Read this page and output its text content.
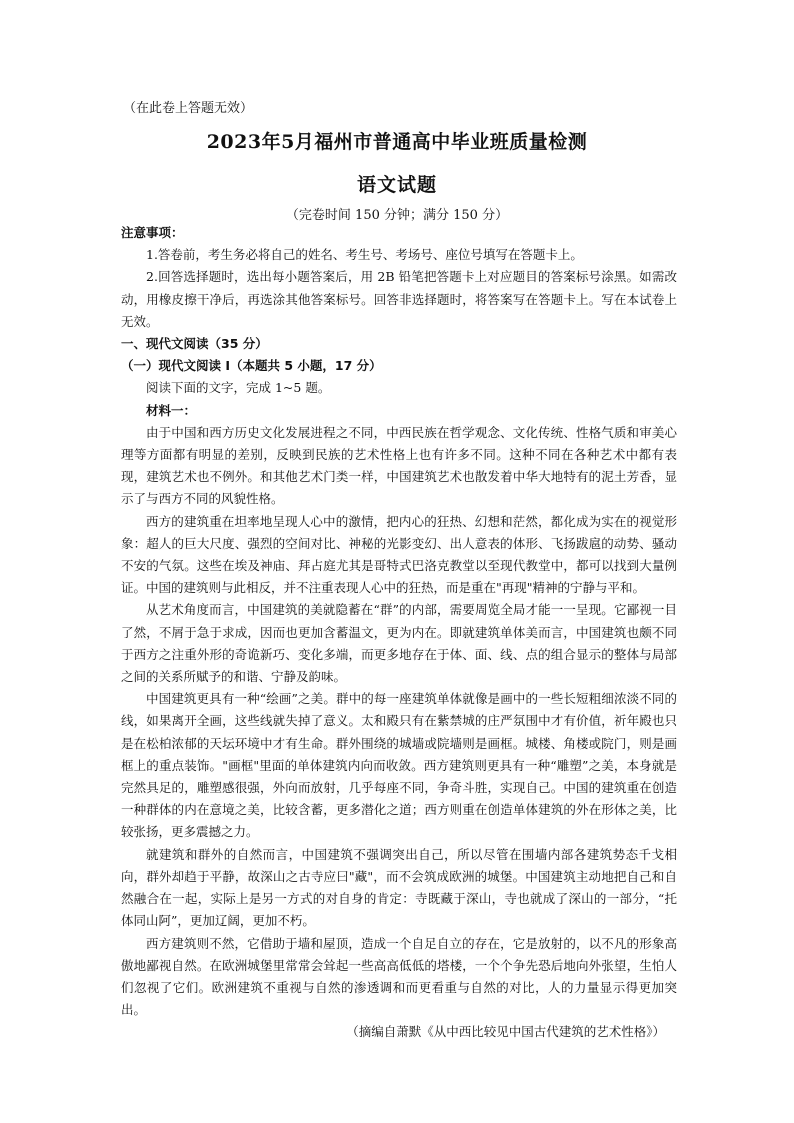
（在此卷上答题无效）
2023年5月福州市普通高中毕业班质量检测
语文试题
（完卷时间 150 分钟；满分 150 分）

注意事项：

1.答卷前，考生务必将自己的姓名、考生号、考场号、座位号填写在答题卡上。

2.回答选择题时，选出每小题答案后，用 2B 铅笔把答题卡上对应题目的答案标号涂黑。如需改动，用橡皮擦干净后，再选涂其他答案标号。回答非选择题时，将答案写在答题卡上。写在本试卷上无效。

一、现代文阅读（35 分）

（一）现代文阅读 I（本题共 5 小题，17 分）

阅读下面的文字，完成 1~5 题。

材料一：

由于中国和西方历史文化发展进程之不同，中西民族在哲学观念、文化传统、性格气质和审美心理等方面都有明显的差别，反映到民族的艺术性格上也有许多不同。这种不同在各种艺术中都有表现，建筑艺术也不例外。和其他艺术门类一样，中国建筑艺术也散发着中华大地特有的泥土芳香，显示了与西方不同的风貌性格。

西方的建筑重在坦率地呈现人心中的激情，把内心的狂热、幻想和茫然，都化成为实在的视觉形象：超人的巨大尺度、强烈的空间对比、神秘的光影变幻、出人意表的体形、飞扬跋扈的动势、骚动不安的气氛。这些在埃及神庙、拜占庭尤其是哥特式巴洛克教堂以至现代教堂中，都可以找到大量例证。中国的建筑则与此相反，并不注重表现人心中的狂热，而是重在"再现"精神的宁静与平和。

从艺术角度而言，中国建筑的美就隐蓄在“群”的内部，需要周览全局才能一一呈现。它鄙视一目了然，不屑于急于求成，因而也更加含蓄温文，更为内在。即就建筑单体美而言，中国建筑也颇不同于西方之注重外形的奇诡新巧、变化多端，而更多地存在于体、面、线、点的组合显示的整体与局部之间的关系所赋予的和谐、宁静及韵味。

中国建筑更具有一种“绘画”之美。群中的每一座建筑单体就像是画中的一些长短粗细浓淡不同的线，如果离开全画，这些线就失掉了意义。太和殿只有在紫禁城的庄严氛围中才有价值，祈年殿也只是在松柏浓郁的天坛环境中才有生命。群外围绕的城墙或院墙则是画框。城楼、角楼或院门，则是画框上的重点装饰。"画框"里面的单体建筑内向而收敛。西方建筑则更具有一种“雕塑”之美，本身就是完然具足的，雕塑感很强，外向而放射，几乎每座不同，争奇斗胜，实现自己。中国的建筑重在创造一种群体的内在意境之美，比较含蓄，更多潜化之道；西方则重在创造单体建筑的外在形体之美，比较张扬，更多震撼之力。

就建筑和群外的自然而言，中国建筑不强调突出自己，所以尽管在围墙内部各建筑势态千戈相向，群外却趋于平静，故深山之古寺应曰"藏"，而不会筑成欧洲的城堡。中国建筑主动地把自己和自然融合在一起，实际上是另一方式的对自身的肯定：寺既藏于深山，寺也就成了深山的一部分，“托体同山阿”，更加辽阔，更加不朽。

西方建筑则不然，它借助于墙和屋顶，造成一个自足自立的存在，它是放射的，以不凡的形象高傲地鄙视自然。在欧洲城堡里常常会耸起一些高高低低的塔楼，一个个争先恐后地向外张望，生怕人们忽视了它们。欧洲建筑不重视与自然的渗透调和而更看重与自然的对比，人的力量显示得更加突出。

（摘编自萧默《从中西比较见中国古代建筑的艺术性格》）
